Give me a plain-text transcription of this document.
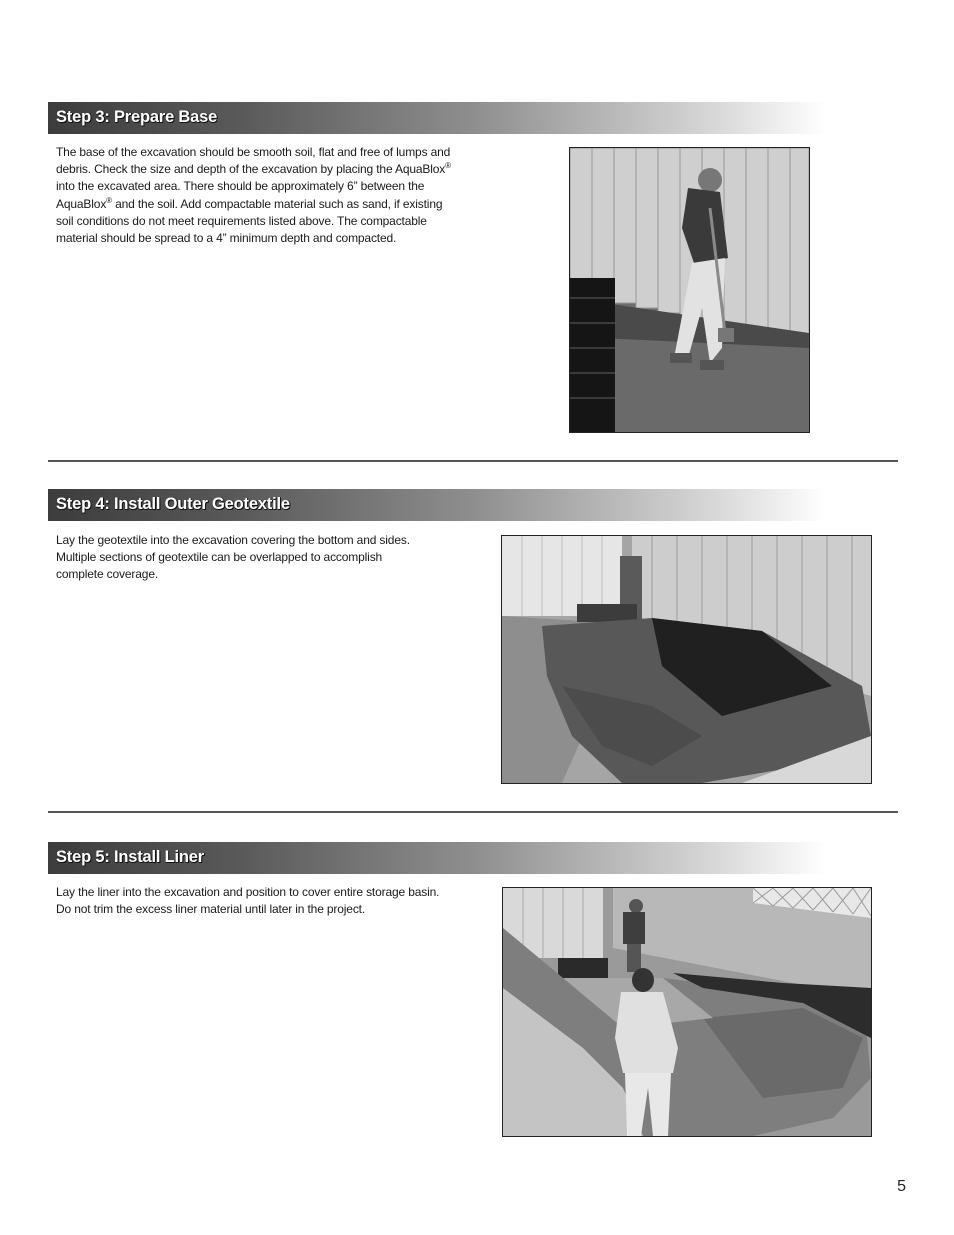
Step 3: Prepare Base
The base of the excavation should be smooth soil, flat and free of lumps and
debris. Check the size and depth of the excavation by placing the AquaBlox®
into the excavated area. There should be approximately 6” between the
AquaBlox® and the soil. Add compactable material such as sand, if existing
soil conditions do not meet requirements listed above. The compactable
material should be spread to a 4” minimum depth and compacted.
Step 4: Install Outer Geotextile
Lay the geotextile into the excavation covering the bottom and sides.
Multiple sections of geotextile can be overlapped to accomplish
complete coverage.
Step 5: Install Liner
Lay the liner into the excavation and position to cover entire storage basin.
Do not trim the excess liner material until later in the project.
5
